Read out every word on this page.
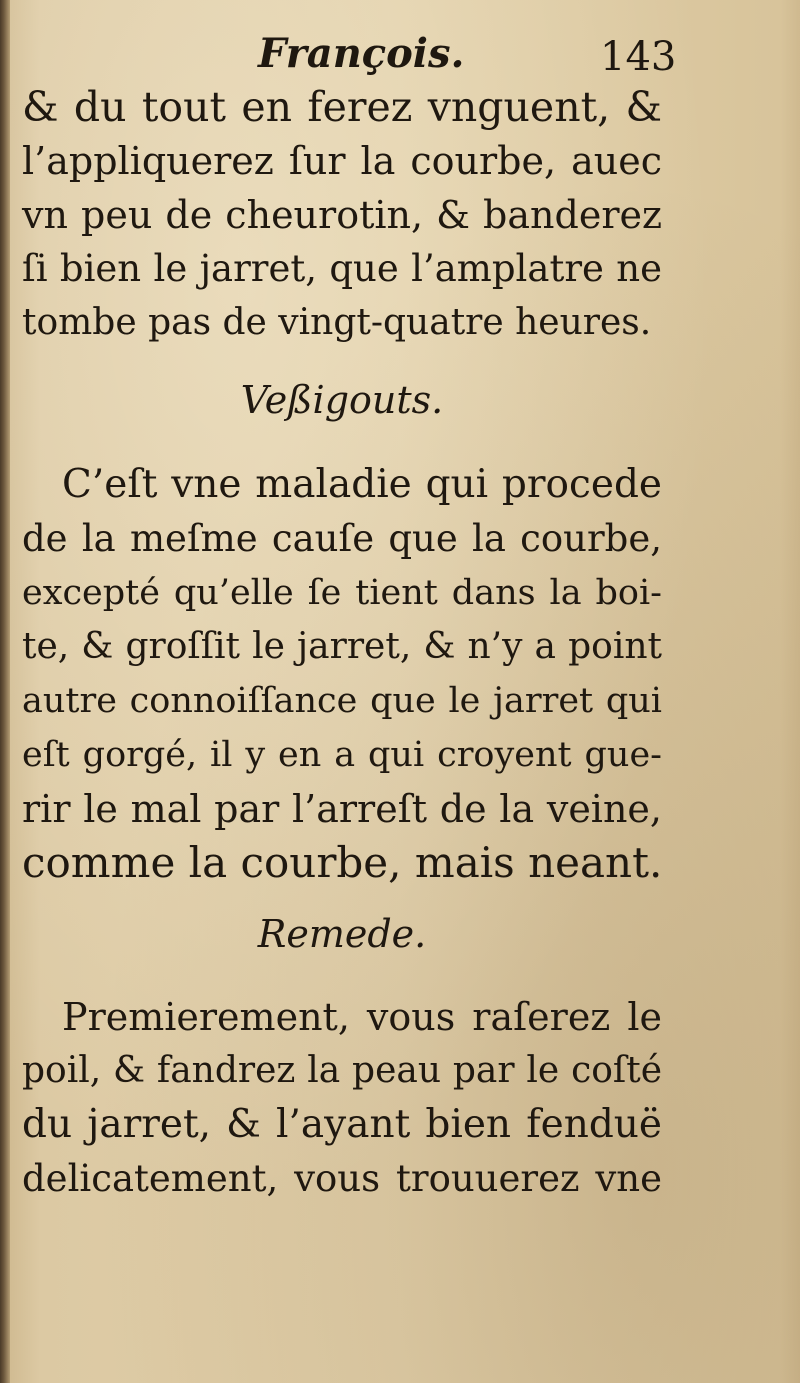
François.	143
& du tout en ferez vnguent, &
l’appliquerez ſur la courbe, auec
vn peu de cheurotin, & banderez
ſi bien le jarret, que l’amplatre ne
tombe pas de vingt-quatre heures.
Veßigouts.
C’eſt vne maladie qui procede
de la meſme cauſe que la courbe,
excepté qu’elle ſe tient dans la boi-
te, & groſſit le jarret, & n’y a point
autre connoiſſance que le jarret qui
eſt gorgé, il y en a qui croyent gue-
rir le mal par l’arreſt de la veine,
comme la courbe, mais neant.
Remede.
Premierement, vous raſerez le
poil, & fandrez la peau par le coſté
du jarret, & l’ayant bien fenduë
delicatement, vous trouuerez vne
